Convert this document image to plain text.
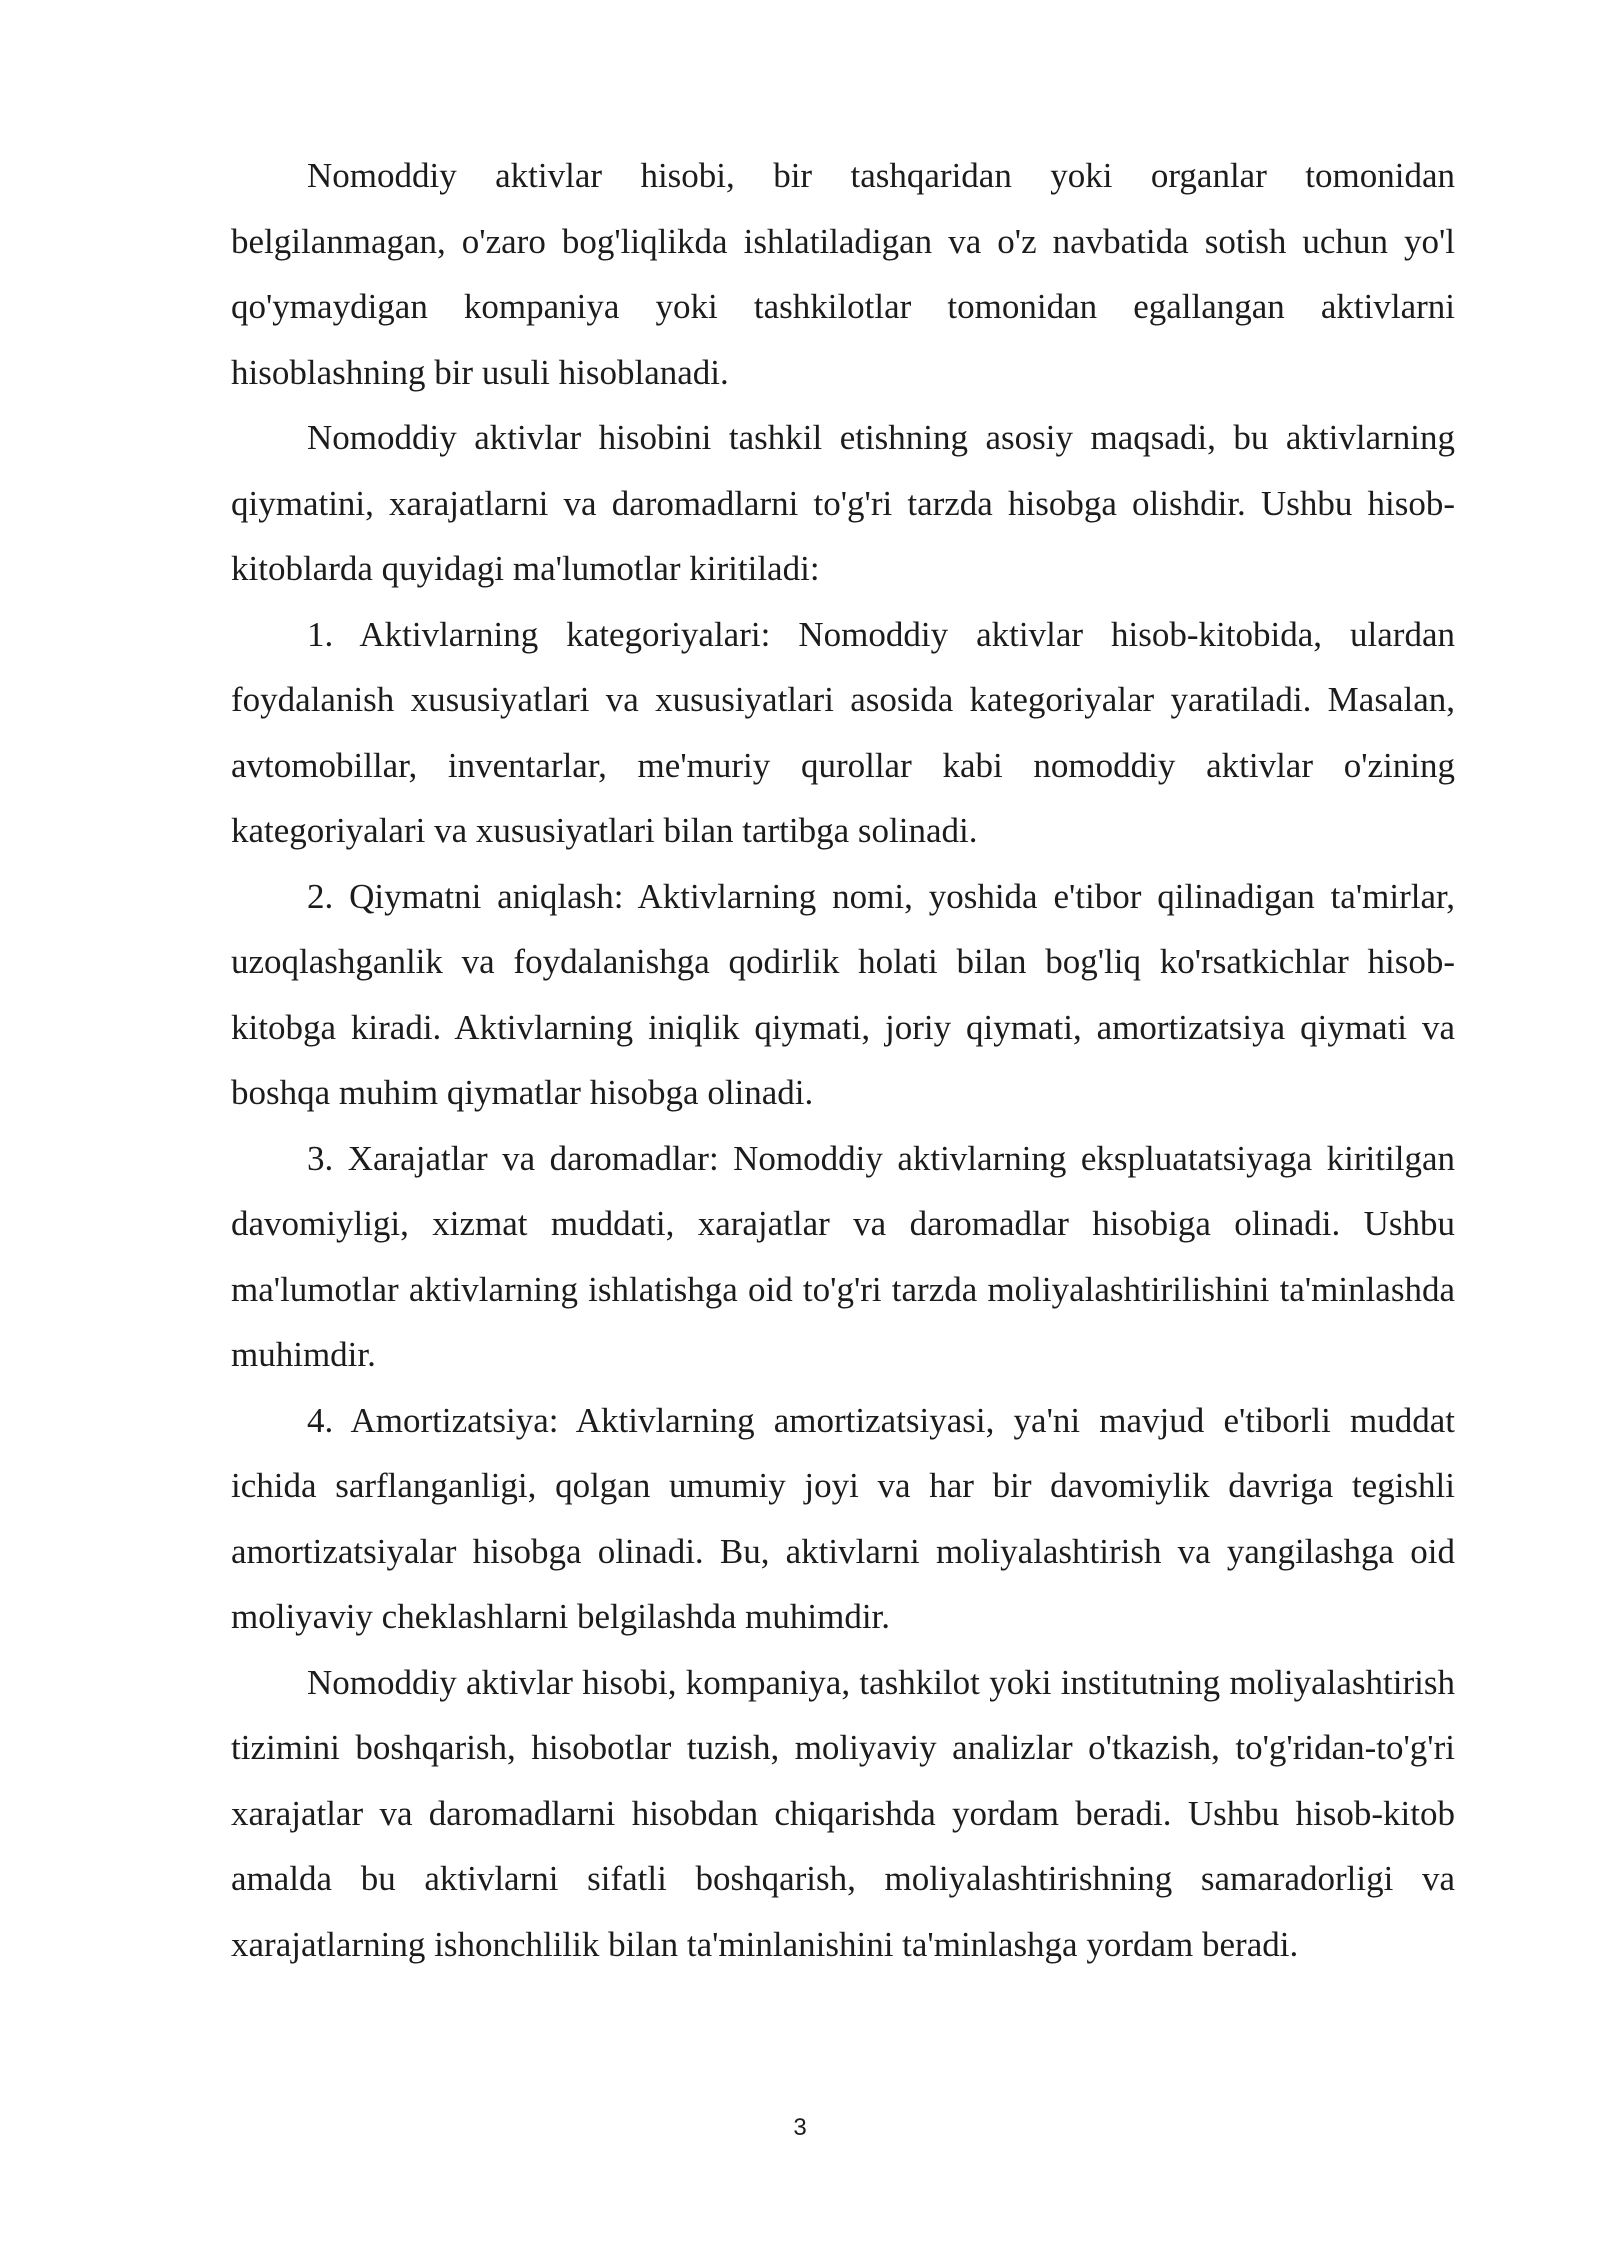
Nomoddiy aktivlar hisobi, bir tashqaridan yoki organlar tomonidan belgilanmagan, o'zaro bog'liqlikda ishlatiladigan va o'z navbatida sotish uchun yo'l qo'ymaydigan kompaniya yoki tashkilotlar tomonidan egallangan aktivlarni hisoblashning bir usuli hisoblanadi.

Nomoddiy aktivlar hisobini tashkil etishning asosiy maqsadi, bu aktivlarning qiymatini, xarajatlarni va daromadlarni to'g'ri tarzda hisobga olishdir. Ushbu hisob-kitoblarda quyidagi ma'lumotlar kiritiladi:

1. Aktivlarning kategoriyalari: Nomoddiy aktivlar hisob-kitobida, ulardan foydalanish xususiyatlari va xususiyatlari asosida kategoriyalar yaratiladi. Masalan, avtomobillar, inventarlar, me'muriy qurollar kabi nomoddiy aktivlar o'zining kategoriyalari va xususiyatlari bilan tartibga solinadi.

2. Qiymatni aniqlash: Aktivlarning nomi, yoshida e'tibor qilinadigan ta'mirlar, uzoqlashganlik va foydalanishga qodirlik holati bilan bog'liq ko'rsatkichlar hisob-kitobga kiradi. Aktivlarning iniqlik qiymati, joriy qiymati, amortizatsiya qiymati va boshqa muhim qiymatlar hisobga olinadi.

3. Xarajatlar va daromadlar: Nomoddiy aktivlarning ekspluatatsiyaga kiritilgan davomiyligi, xizmat muddati, xarajatlar va daromadlar hisobiga olinadi. Ushbu ma'lumotlar aktivlarning ishlatishga oid to'g'ri tarzda moliyalashtirilishini ta'minlashda muhimdir.

4. Amortizatsiya: Aktivlarning amortizatsiyasi, ya'ni mavjud e'tiborli muddat ichida sarflanganligi, qolgan umumiy joyi va har bir davomiylik davriga tegishli amortizatsiyalar hisobga olinadi. Bu, aktivlarni moliyalashtirish va yangilashga oid moliyaviy cheklashlarni belgilashda muhimdir.

Nomoddiy aktivlar hisobi, kompaniya, tashkilot yoki institutning moliyalashtirish tizimini boshqarish, hisobotlar tuzish, moliyaviy analizlar o'tkazish, to'g'ridan-to'g'ri xarajatlar va daromadlarni hisobdan chiqarishda yordam beradi. Ushbu hisob-kitob amalda bu aktivlarni sifatli boshqarish, moliyalashtirishning samaradorligi va xarajatlarning ishonchlilik bilan ta'minlanishini ta'minlashga yordam beradi.

3
